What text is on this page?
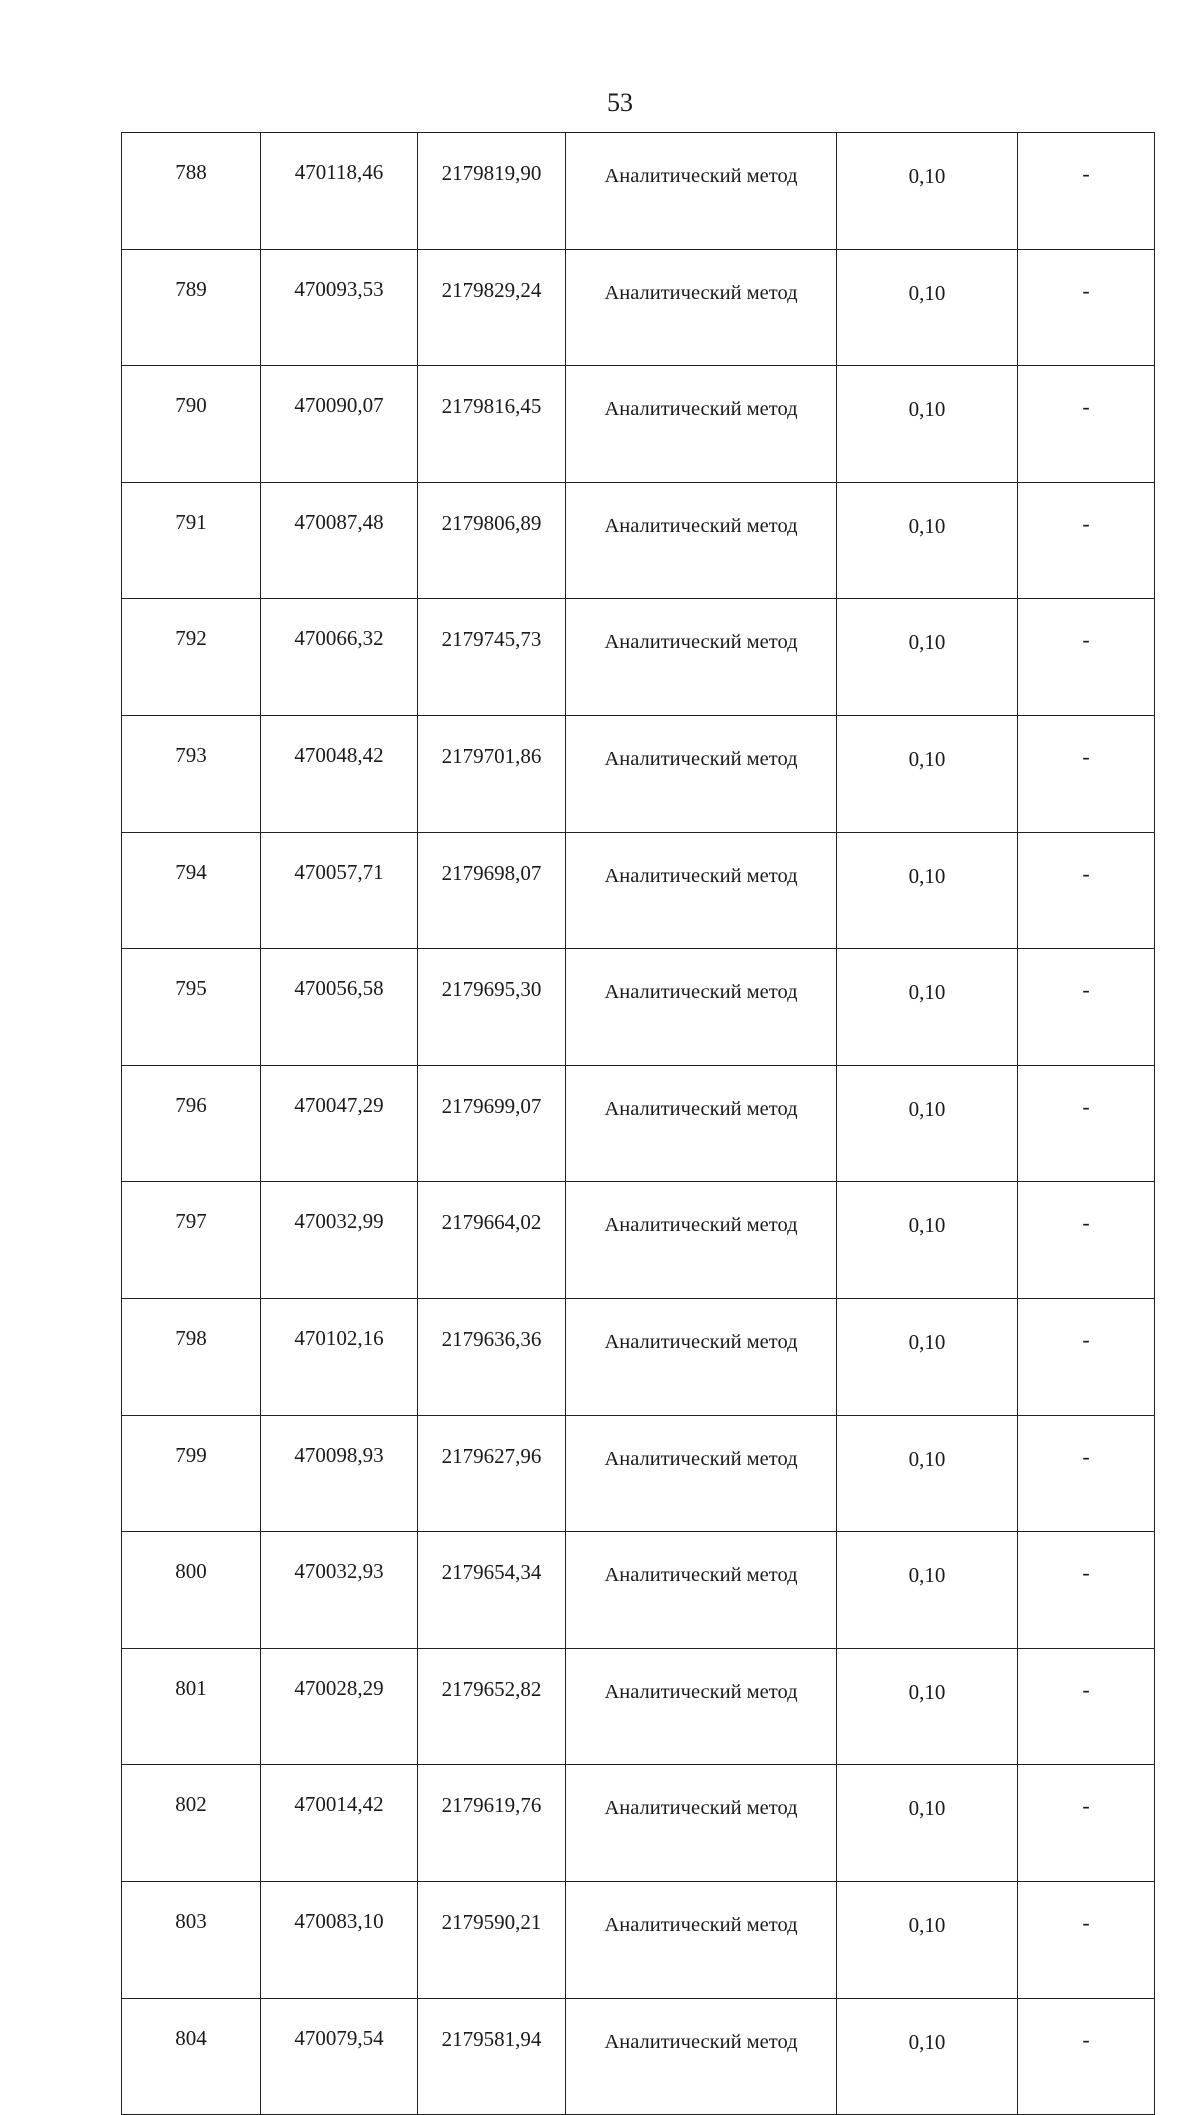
53
788	470118,46	2179819,90	Аналитический метод	0,10	-
789	470093,53	2179829,24	Аналитический метод	0,10	-
790	470090,07	2179816,45	Аналитический метод	0,10	-
791	470087,48	2179806,89	Аналитический метод	0,10	-
792	470066,32	2179745,73	Аналитический метод	0,10	-
793	470048,42	2179701,86	Аналитический метод	0,10	-
794	470057,71	2179698,07	Аналитический метод	0,10	-
795	470056,58	2179695,30	Аналитический метод	0,10	-
796	470047,29	2179699,07	Аналитический метод	0,10	-
797	470032,99	2179664,02	Аналитический метод	0,10	-
798	470102,16	2179636,36	Аналитический метод	0,10	-
799	470098,93	2179627,96	Аналитический метод	0,10	-
800	470032,93	2179654,34	Аналитический метод	0,10	-
801	470028,29	2179652,82	Аналитический метод	0,10	-
802	470014,42	2179619,76	Аналитический метод	0,10	-
803	470083,10	2179590,21	Аналитический метод	0,10	-
804	470079,54	2179581,94	Аналитический метод	0,10	-
